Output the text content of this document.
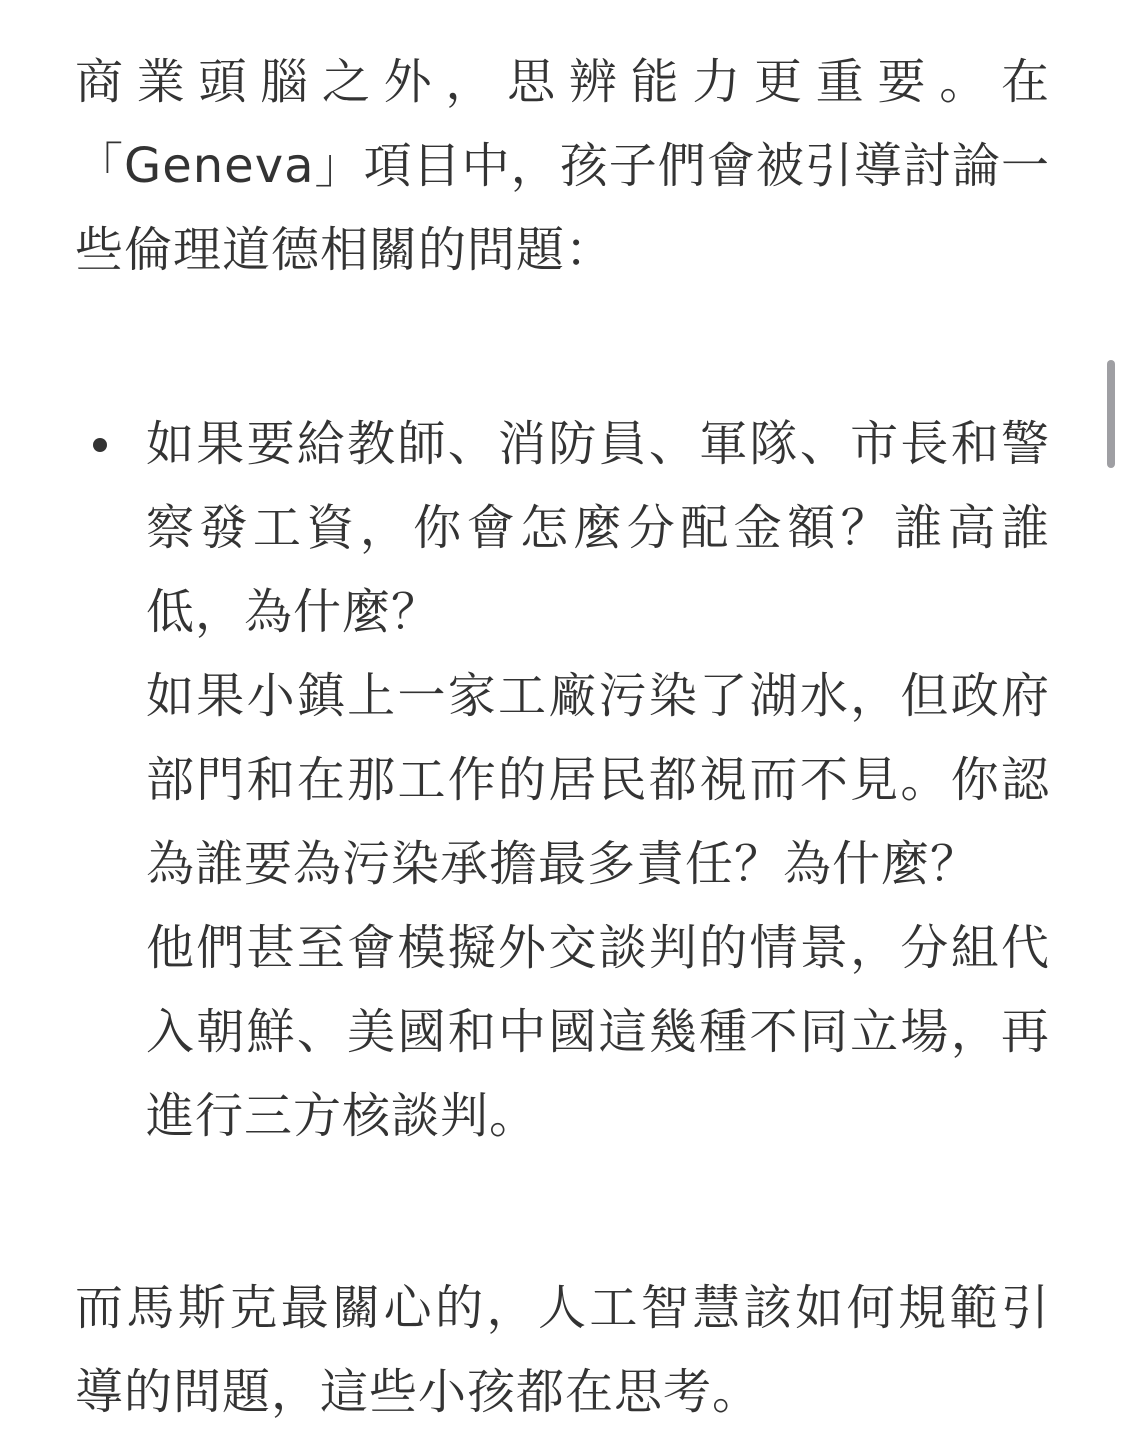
商業頭腦之外，思辨能力更重要。在「Geneva」項目中，孩子們會被引導討論一些倫理道德相關的問題：

如果要給教師、消防員、軍隊、市長和警察發工資，你會怎麼分配金額？誰高誰低，為什麼？

如果小鎮上一家工廠污染了湖水，但政府部門和在那工作的居民都視而不見。你認為誰要為污染承擔最多責任？為什麼？

他們甚至會模擬外交談判的情景，分組代入朝鮮、美國和中國這幾種不同立場，再進行三方核談判。

而馬斯克最關心的，人工智慧該如何規範引導的問題，這些小孩都在思考。
